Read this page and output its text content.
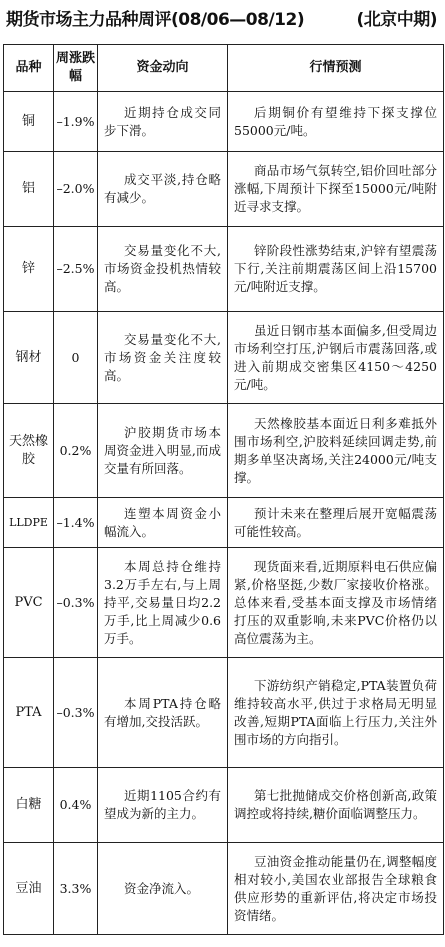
期货市场主力品种周评(08/06—08/12)	(北京中期)
品种	周涨跌幅	资金动向	行情预测
铜	–1.9%	近期持仓成交同步下滑。	后期铜价有望维持下探支撑位55000元/吨。
铝	–2.0%	成交平淡,持仓略有减少。	商品市场气氛转空,铝价回吐部分涨幅,下周预计下探至15000元/吨附近寻求支撑。
锌	–2.5%	交易量变化不大,市场资金投机热情较高。	锌阶段性涨势结束,沪锌有望震荡下行,关注前期震荡区间上沿15700元/吨附近支撑。
钢材	0	交易量变化不大,市场资金关注度较高。	虽近日钢市基本面偏多,但受周边市场利空打压,沪钢后市震荡回落,或进入前期成交密集区4150～4250元/吨。
天然橡胶	0.2%	沪胶期货市场本周资金进入明显,而成交量有所回落。	天然橡胶基本面近日利多难抵外围市场利空,沪胶料延续回调走势,前期多单坚决离场,关注24000元/吨支撑。
LLDPE	–1.4%	连塑本周资金小幅流入。	预计未来在整理后展开宽幅震荡可能性较高。
PVC	–0.3%	本周总持仓维持3.2万手左右,与上周持平,交易量日均2.2万手,比上周减少0.6万手。	现货面来看,近期原料电石供应偏紧,价格坚挺,少数厂家接收价格涨。总体来看,受基本面支撑及市场情绪打压的双重影响,未来PVC价格仍以高位震荡为主。
PTA	–0.3%	本周PTA持仓略有增加,交投活跃。	下游纺织产销稳定,PTA装置负荷维持较高水平,供过于求格局无明显改善,短期PTA面临上行压力,关注外围市场的方向指引。
白糖	0.4%	近期1105合约有望成为新的主力。	第七批抛储成交价格创新高,政策调控或将持续,糖价面临调整压力。
豆油	3.3%	资金净流入。	豆油资金推动能量仍在,调整幅度相对较小,美国农业部报告全球粮食供应形势的重新评估,将决定市场投资情绪。
